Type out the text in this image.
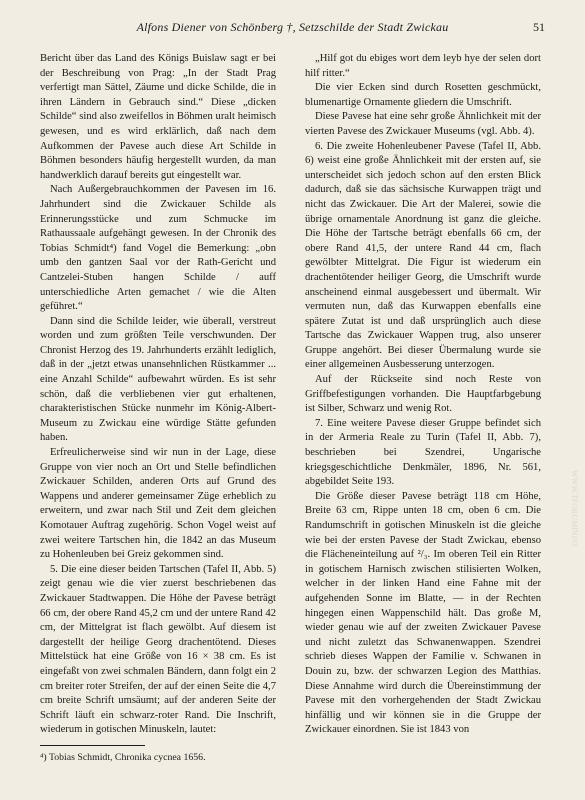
Alfons Diener von Schönberg †, Setzschilde der Stadt Zwickau	51

Bericht über das Land des Königs Buislaw sagt er bei der Beschreibung von Prag: „In der Stadt Prag verfertigt man Sättel, Zäume und dicke Schilde, die in ihren Ländern in Gebrauch sind.“ Diese „dicken Schilde“ sind also zweifellos in Böhmen uralt heimisch gewesen, und es wird erklärlich, daß nach dem Aufkommen der Pavese auch diese Art Schilde in Böhmen besonders häufig hergestellt wurden, da man handwerklich darauf bereits gut eingestellt war.

Nach Außergebrauchkommen der Pavesen im 16. Jahrhundert sind die Zwickauer Schilde als Erinnerungsstücke und zum Schmucke im Rathaussaale aufgehängt gewesen. In der Chronik des Tobias Schmidt⁴) fand Vogel die Bemerkung: „obn umb den gantzen Saal vor der Rath-Gericht und Cantzelei-Stuben hangen Schilde / auff unterschiedliche Arten gemachet / wie die Alten geführet.“

Dann sind die Schilde leider, wie überall, verstreut worden und zum größten Teile verschwunden. Der Chronist Herzog des 19. Jahrhunderts erzählt lediglich, daß in der „jetzt etwas unansehnlichen Rüstkammer ... eine Anzahl Schilde“ aufbewahrt würden. Es ist sehr schön, daß die verbliebenen vier gut erhaltenen, charakteristischen Stücke nunmehr im König-Albert-Museum zu Zwickau eine würdige Stätte gefunden haben.

Erfreulicherweise sind wir nun in der Lage, diese Gruppe von vier noch an Ort und Stelle befindlichen Zwickauer Schilden, anderen Orts auf Grund des Wappens und anderer gemeinsamer Züge erheblich zu erweitern, und zwar nach Stil und Zeit dem gleichen Komotauer Auftrag zugehörig. Schon Vogel weist auf zwei weitere Tartschen hin, die 1842 an das Museum zu Hohenleuben bei Greiz gekommen sind.

5. Die eine dieser beiden Tartschen (Tafel II, Abb. 5) zeigt genau wie die vier zuerst beschriebenen das Zwickauer Stadtwappen. Die Höhe der Pavese beträgt 66 cm, der obere Rand 45,2 cm und der untere Rand 42 cm, der Mittelgrat ist flach gewölbt. Auf diesem ist dargestellt der heilige Georg drachentötend. Dieses Mittelstück hat eine Größe von 16 × 38 cm. Es ist eingefaßt von zwei schmalen Bändern, dann folgt ein 2 cm breiter roter Streifen, der auf der einen Seite die 4,7 cm breite Schrift umsäumt; auf der anderen Seite der Schrift läuft ein schwarz-roter Rand. Die Inschrift, wiederum in gotischen Minuskeln, lautet:

„Hilf got du ebiges wort dem leyb hye der selen dort hilf ritter.“

Die vier Ecken sind durch Rosetten geschmückt, blumenartige Ornamente gliedern die Umschrift.

Diese Pavese hat eine sehr große Ähnlichkeit mit der vierten Pavese des Zwickauer Museums (vgl. Abb. 4).

6. Die zweite Hohenleubener Pavese (Tafel II, Abb. 6) weist eine große Ähnlichkeit mit der ersten auf, sie unterscheidet sich jedoch schon auf den ersten Blick dadurch, daß sie das sächsische Kurwappen trägt und nicht das Zwickauer. Die Art der Malerei, sowie die übrige ornamentale Anordnung ist ganz die gleiche. Die Höhe der Tartsche beträgt ebenfalls 66 cm, der obere Rand 41,5, der untere Rand 44 cm, flach gewölbter Mittelgrat. Die Figur ist wiederum ein drachentötender heiliger Georg, die Umschrift wurde anscheinend einmal ausgebessert und übermalt. Wir vermuten nun, daß das Kurwappen ebenfalls eine spätere Zutat ist und daß ursprünglich auch diese Tartsche das Zwickauer Wappen trug, also unserer Gruppe angehört. Bei dieser Übermalung wurde sie einer allgemeinen Ausbesserung unterzogen.

Auf der Rückseite sind noch Reste von Griffbefestigungen vorhanden. Die Hauptfarbgebung ist Silber, Schwarz und wenig Rot.

7. Eine weitere Pavese dieser Gruppe befindet sich in der Armeria Reale zu Turin (Tafel II, Abb. 7), beschrieben bei Szendrei, Ungarische kriegsgeschichtliche Denkmäler, 1896, Nr. 561, abgebildet Seite 193.

Die Größe dieser Pavese beträgt 118 cm Höhe, Breite 63 cm, Rippe unten 18 cm, oben 6 cm. Die Randumschrift in gotischen Minuskeln ist die gleiche wie bei der ersten Pavese der Stadt Zwickau, ebenso die Flächeneinteilung auf ²/₃. Im oberen Teil ein Ritter in gotischem Harnisch zwischen stilisierten Wolken, welcher in der linken Hand eine Fahne mit der aufgehenden Sonne im Blatte, — in der Rechten hingegen einen Wappenschild hält. Das große M, wieder genau wie auf der zweiten Zwickauer Pavese und nicht zuletzt das Schwanenwappen. Szendrei schrieb dieses Wappen der Familie v. Schwanen in Douin zu, bzw. der schwarzen Legion des Matthias. Diese Annahme wird durch die Übereinstimmung der Pavese mit den vorhergehenden der Stadt Zwickau hinfällig und wir können sie in die Gruppe der Zwickauer einordnen. Sie ist 1843 von

⁴) Tobias Schmidt, Chronika cycnea 1656.
WWW.TFORUMINFO
